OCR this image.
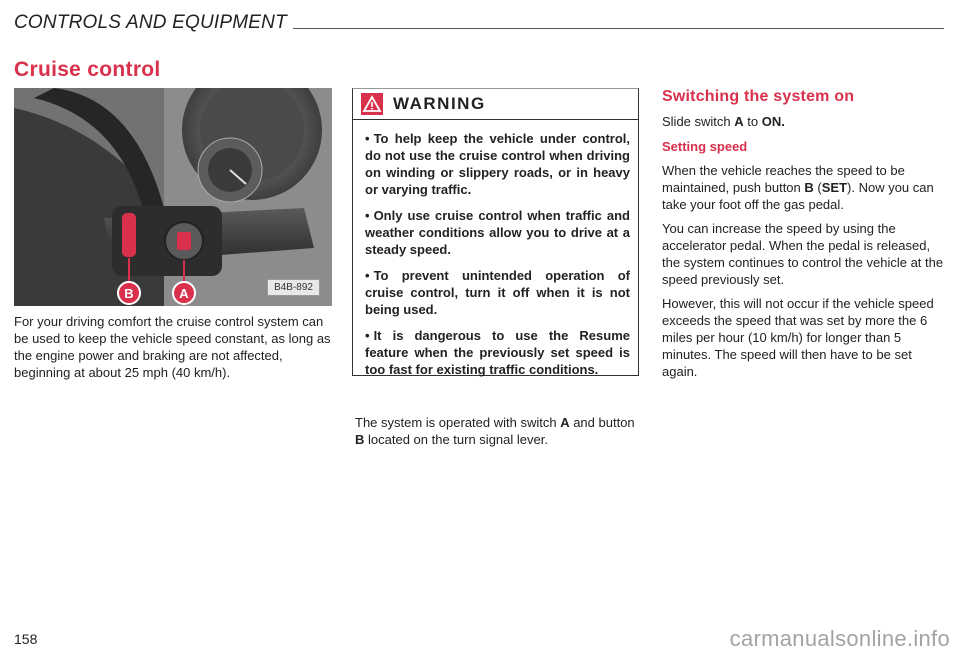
CONTROLS AND EQUIPMENT
Cruise control
B	A	B4B-892

For your driving comfort the cruise control system can be used to keep the vehicle speed constant, as long as the engine power and braking are not affected, beginning at about 25 mph (40 km/h).

WARNING
• To help keep the vehicle under control, do not use the cruise control when driving on winding or slippery roads, or in heavy or varying traffic.
• Only use cruise control when traffic and weather conditions allow you to drive at a steady speed.
• To prevent unintended operation of cruise control, turn it off when it is not being used.
• It is dangerous to use the Resume feature when the previously set speed is too fast for existing traffic conditions.

The system is operated with switch A and button B located on the turn signal lever.

Switching the system on

Slide switch A to ON.

Setting speed

When the vehicle reaches the speed to be maintained, push button B (SET). Now you can take your foot off the gas pedal.

You can increase the speed by using the accelerator pedal. When the pedal is released, the system continues to control the vehicle at the speed previously set.

However, this will not occur if the vehicle speed exceeds the speed that was set by more the 6 miles per hour (10 km/h) for longer than 5 minutes. The speed will then have to be set again.

158	carmanualsonline.info
